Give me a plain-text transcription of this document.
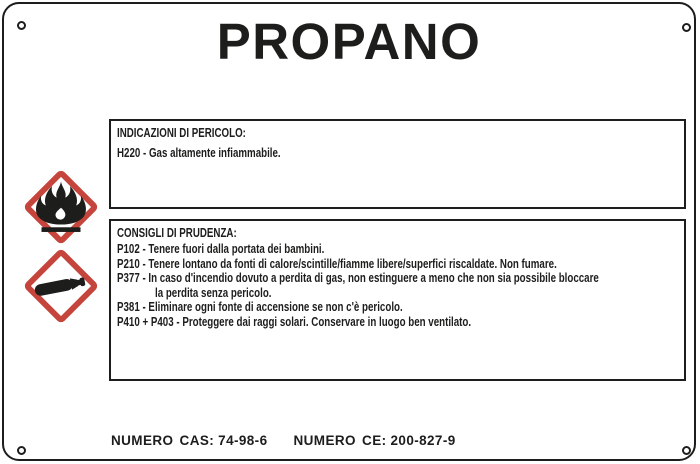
PROPANO
INDICAZIONI DI PERICOLO:
H220 - Gas altamente infiammabile.
CONSIGLI DI PRUDENZA:
P102 - Tenere fuori dalla portata dei bambini.
P210 - Tenere lontano da fonti di calore/scintille/fiamme libere/superfici riscaldate. Non fumare.
P377 - In caso d'incendio dovuto a perdita di gas, non estinguere a meno che non sia possibile bloccare
la perdita senza pericolo.
P381 - Eliminare ogni fonte di accensione se non c'è pericolo.
P410 + P403 - Proteggere dai raggi solari. Conservare in luogo ben ventilato.
NUMERO CAS: 74-98-6 NUMERO CE: 200-827-9
